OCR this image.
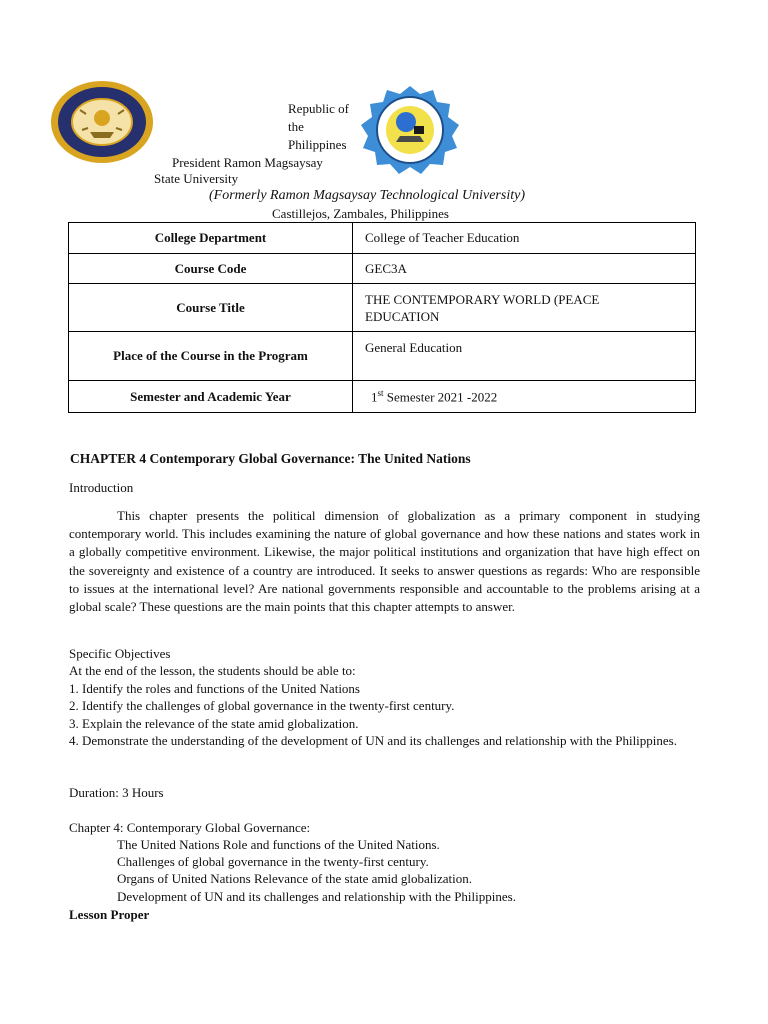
Republic of
the
Philippines
President Ramon Magsaysay
State University
(Formerly Ramon Magsaysay Technological University)
Castillejos, Zambales, Philippines
College Department	College of Teacher Education
Course Code	GEC3A
Course Title	THE CONTEMPORARY WORLD (PEACE EDUCATION
Place of the Course in the Program	General Education
Semester and Academic Year	1st Semester 2021 -2022
CHAPTER 4 Contemporary Global Governance: The United Nations
Introduction
This chapter presents the political dimension of globalization as a primary component in studying contemporary world. This includes examining the nature of global governance and how these nations and states work in a globally competitive environment. Likewise, the major political institutions and organization that have high effect on the sovereignty and existence of a country are introduced. It seeks to answer questions as regards: Who are responsible to issues at the international level? Are national governments responsible and accountable to the problems arising at a global scale? These questions are the main points that this chapter attempts to answer.
Specific Objectives
At the end of the lesson, the students should be able to:
1. Identify the roles and functions of the United Nations
2. Identify the challenges of global governance in the twenty-first century.
3. Explain the relevance of the state amid globalization.
4. Demonstrate the understanding of the development of UN and its challenges and relationship with the Philippines.
Duration: 3 Hours
Chapter 4: Contemporary Global Governance:
The United Nations Role and functions of the United Nations.
Challenges of global governance in the twenty-first century.
Organs of United Nations Relevance of the state amid globalization.
Development of UN and its challenges and relationship with the Philippines.
Lesson Proper
